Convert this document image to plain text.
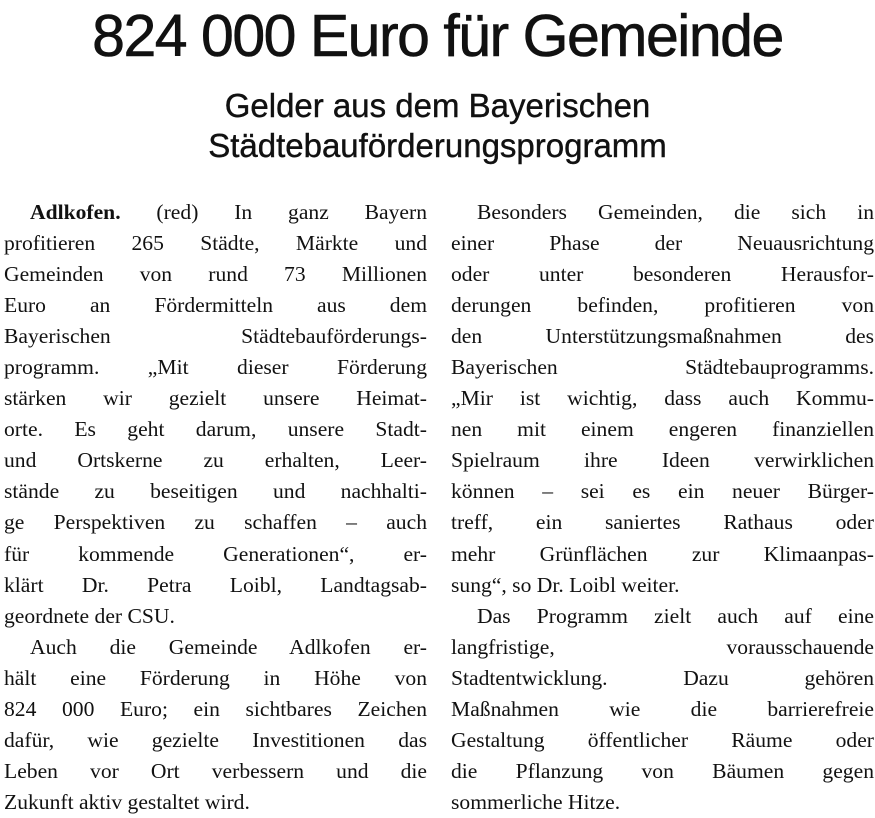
824 000 Euro für Gemeinde
Gelder aus dem Bayerischen
Städtebauförderungsprogramm
Adlkofen. (red) In ganz Bayern
profitieren 265 Städte, Märkte und
Gemeinden von rund 73 Millionen
Euro an Fördermitteln aus dem
Bayerischen Städtebauförderungs-
programm. „Mit dieser Förderung
stärken wir gezielt unsere Heimat-
orte. Es geht darum, unsere Stadt-
und Ortskerne zu erhalten, Leer-
stände zu beseitigen und nachhalti-
ge Perspektiven zu schaffen – auch
für kommende Generationen“, er-
klärt Dr. Petra Loibl, Landtagsab-
geordnete der CSU.
Auch die Gemeinde Adlkofen er-
hält eine Förderung in Höhe von
824 000 Euro; ein sichtbares Zeichen
dafür, wie gezielte Investitionen das
Leben vor Ort verbessern und die
Zukunft aktiv gestaltet wird.
Besonders Gemeinden, die sich in
einer Phase der Neuausrichtung
oder unter besonderen Herausfor-
derungen befinden, profitieren von
den Unterstützungsmaßnahmen des
Bayerischen Städtebauprogramms.
„Mir ist wichtig, dass auch Kommu-
nen mit einem engeren finanziellen
Spielraum ihre Ideen verwirklichen
können – sei es ein neuer Bürger-
treff, ein saniertes Rathaus oder
mehr Grünflächen zur Klimaanpas-
sung“, so Dr. Loibl weiter.
Das Programm zielt auch auf eine
langfristige, vorausschauende
Stadtentwicklung. Dazu gehören
Maßnahmen wie die barrierefreie
Gestaltung öffentlicher Räume oder
die Pflanzung von Bäumen gegen
sommerliche Hitze.
